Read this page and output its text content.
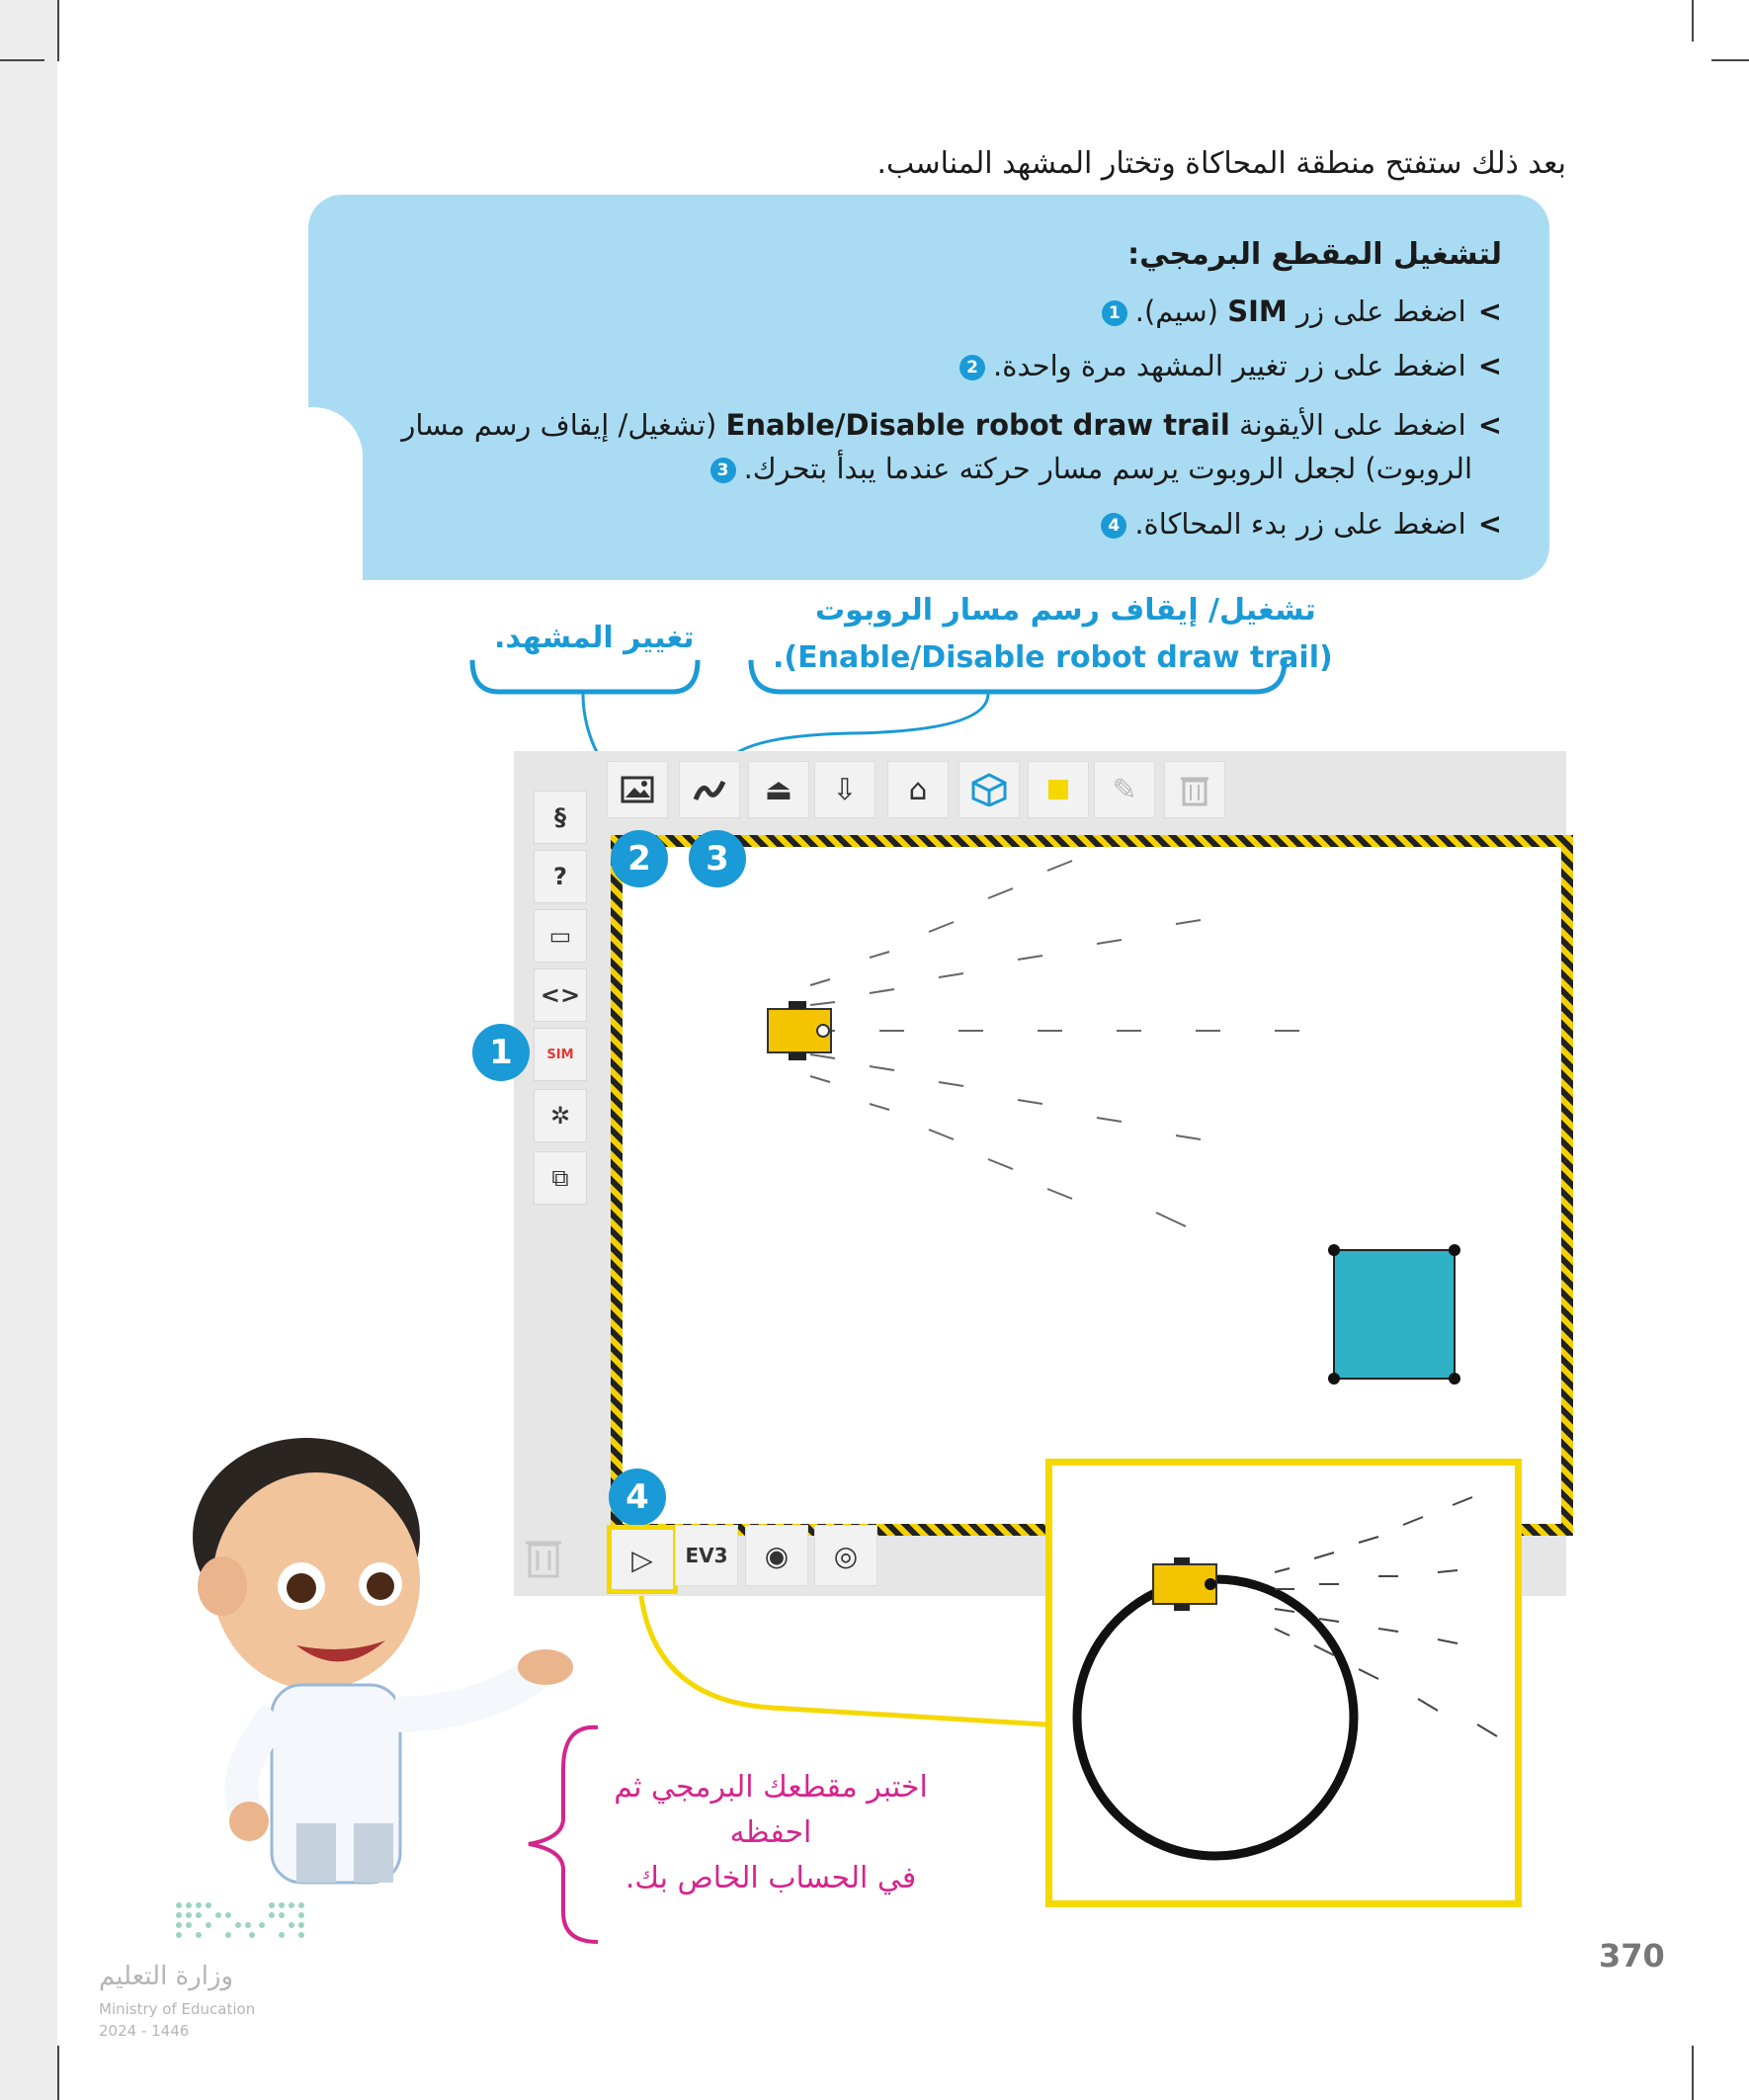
بعد ذلك ستفتح منطقة المحاكاة وتختار المشهد المناسب.
لتشغيل المقطع البرمجي:
>اضغط على زر SIM (سيم).1
>اضغط على زر تغيير المشهد مرة واحدة.2
>اضغط على الأيقونة Enable/Disable robot draw trail (تشغيل/ إيقاف رسم مسار
الروبوت) لجعل الروبوت يرسم مسار حركته عندما يبدأ بتحرك.3
>اضغط على زر بدء المحاكاة.4
تغيير المشهد.
تشغيل/ إيقاف رسم مسار الروبوت
(Enable/Disable robot draw trail).
⏏ ⇩ ⌂	✎
§
?
▭
<>
SIM
✲
⧉
1
2	3
4
▷	EV3	◉ ◎
اختبر مقطعك البرمجي ثم احفظه
في الحساب الخاص بك.
وزارة التعليم
Ministry of Education
2024 - 1446
370
